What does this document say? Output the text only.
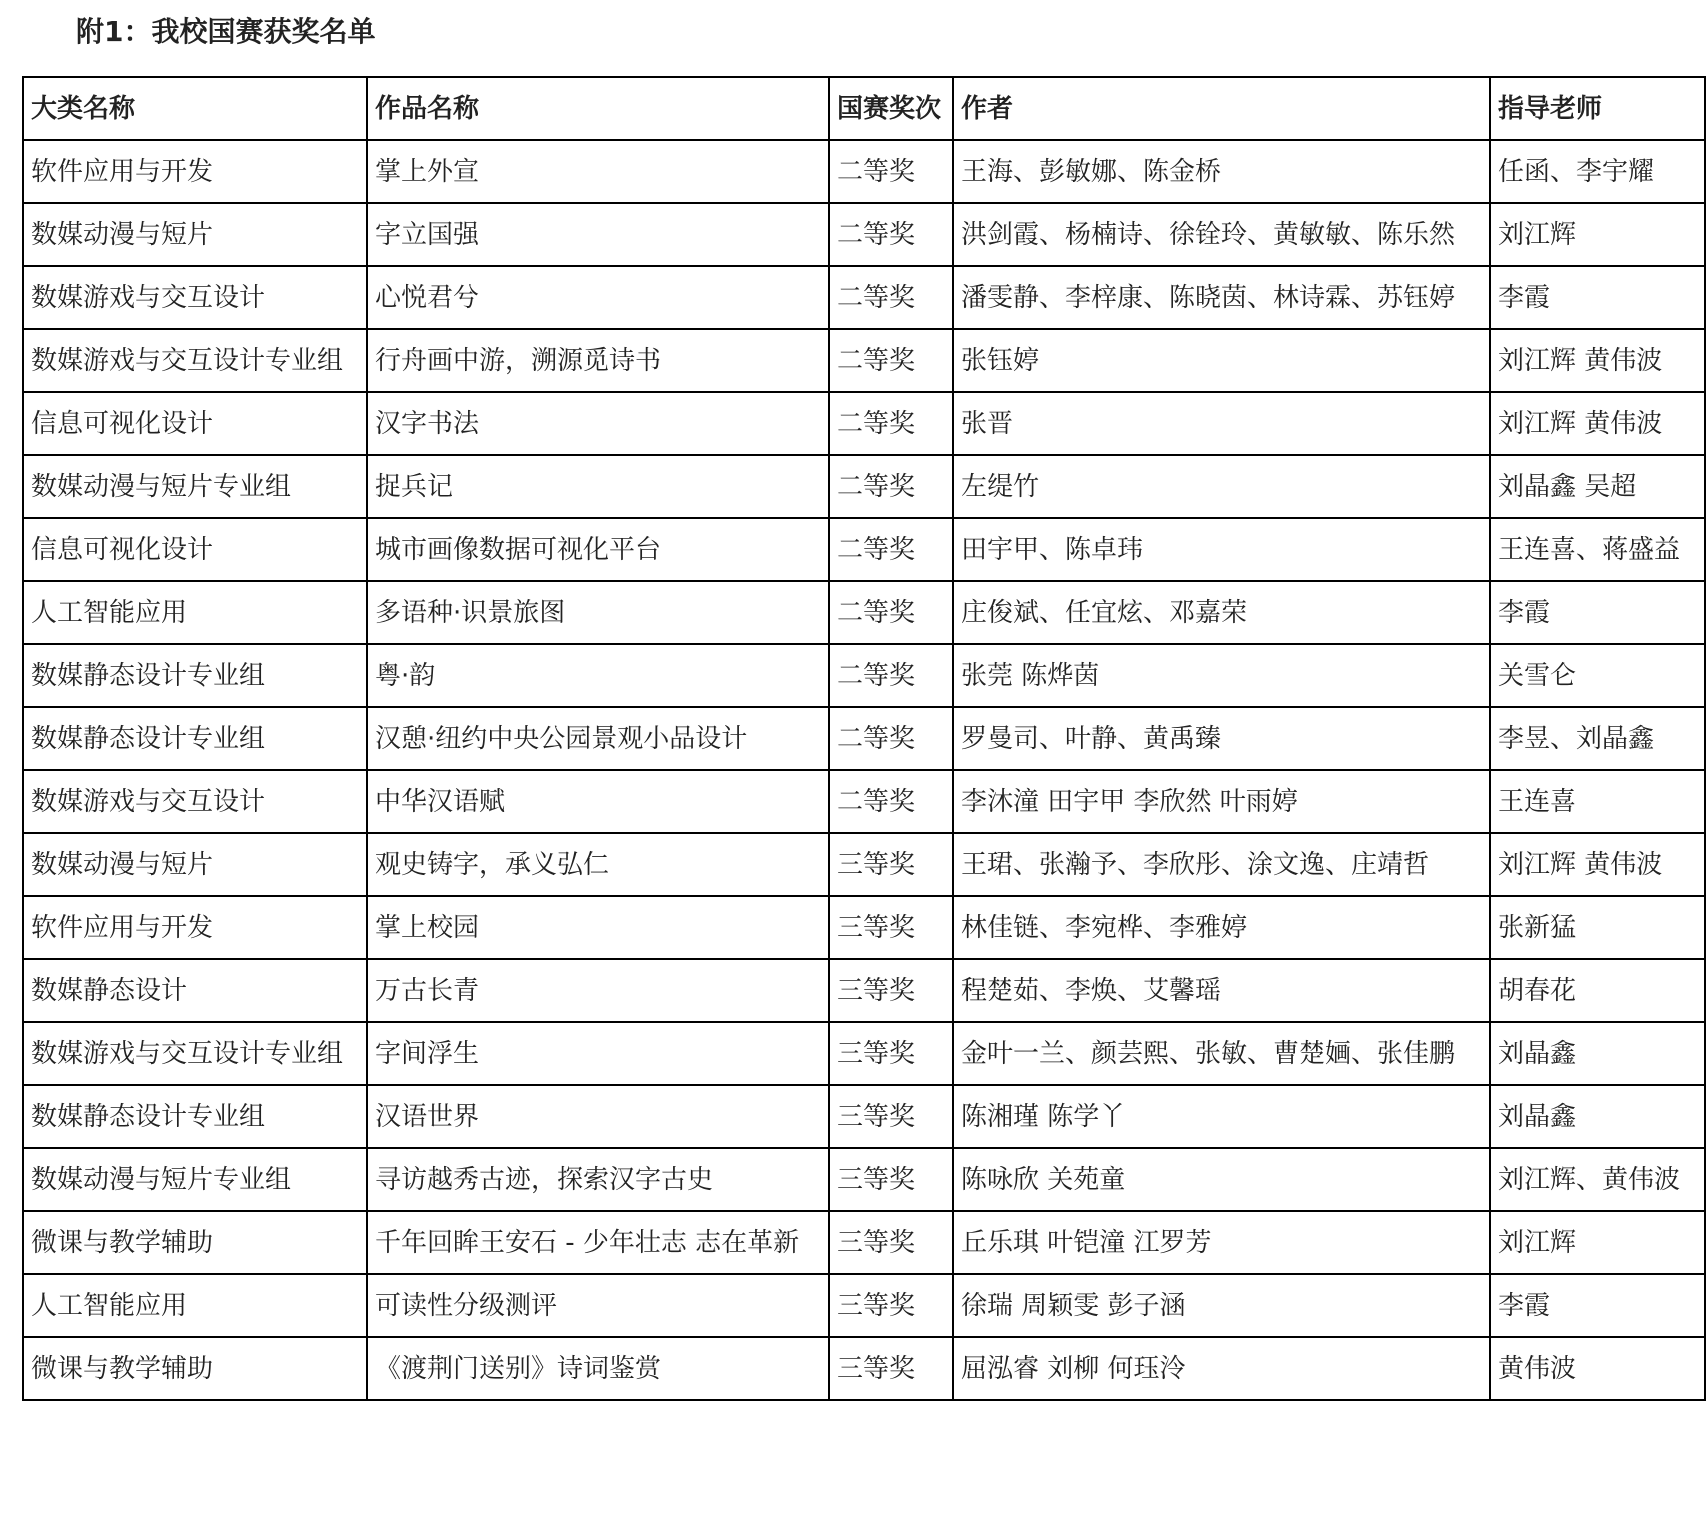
附1：我校国赛获奖名单
大类名称	作品名称	国赛奖次	作者	指导老师
软件应用与开发	掌上外宣	二等奖	王海、彭敏娜、陈金桥	任函、李宇耀
数媒动漫与短片	字立国强	二等奖	洪剑霞、杨楠诗、徐铨玲、黄敏敏、陈乐然	刘江辉
数媒游戏与交互设计	心悦君兮	二等奖	潘雯静、李梓康、陈晓茵、林诗霖、苏钰婷	李霞
数媒游戏与交互设计专业组	行舟画中游，溯源觅诗书	二等奖	张钰婷	刘江辉 黄伟波
信息可视化设计	汉字书法	二等奖	张晋	刘江辉 黄伟波
数媒动漫与短片专业组	捉兵记	二等奖	左缇竹	刘晶鑫 吴超
信息可视化设计	城市画像数据可视化平台	二等奖	田宇甲、陈卓玮	王连喜、蒋盛益
人工智能应用	多语种·识景旅图	二等奖	庄俊斌、任宜炫、邓嘉荣	李霞
数媒静态设计专业组	粤·韵	二等奖	张莞 陈烨茵	关雪仑
数媒静态设计专业组	汉憩·纽约中央公园景观小品设计	二等奖	罗曼司、叶静、黄禹臻	李昱、刘晶鑫
数媒游戏与交互设计	中华汉语赋	二等奖	李沐潼 田宇甲 李欣然 叶雨婷	王连喜
数媒动漫与短片	观史铸字，承义弘仁	三等奖	王珺、张瀚予、李欣彤、涂文逸、庄靖哲	刘江辉 黄伟波
软件应用与开发	掌上校园	三等奖	林佳链、李宛桦、李雅婷	张新猛
数媒静态设计	万古长青	三等奖	程楚茹、李焕、艾馨瑶	胡春花
数媒游戏与交互设计专业组	字间浮生	三等奖	金叶一兰、颜芸熙、张敏、曹楚婳、张佳鹏	刘晶鑫
数媒静态设计专业组	汉语世界	三等奖	陈湘瑾 陈学丫	刘晶鑫
数媒动漫与短片专业组	寻访越秀古迹，探索汉字古史	三等奖	陈咏欣 关苑童	刘江辉、黄伟波
微课与教学辅助	千年回眸王安石 - 少年壮志 志在革新	三等奖	丘乐琪 叶铠潼 江罗芳	刘江辉
人工智能应用	可读性分级测评	三等奖	徐瑞 周颖雯 彭子涵	李霞
微课与教学辅助	《渡荆门送别》诗词鉴赏	三等奖	屈泓睿 刘柳 何珏泠	黄伟波
